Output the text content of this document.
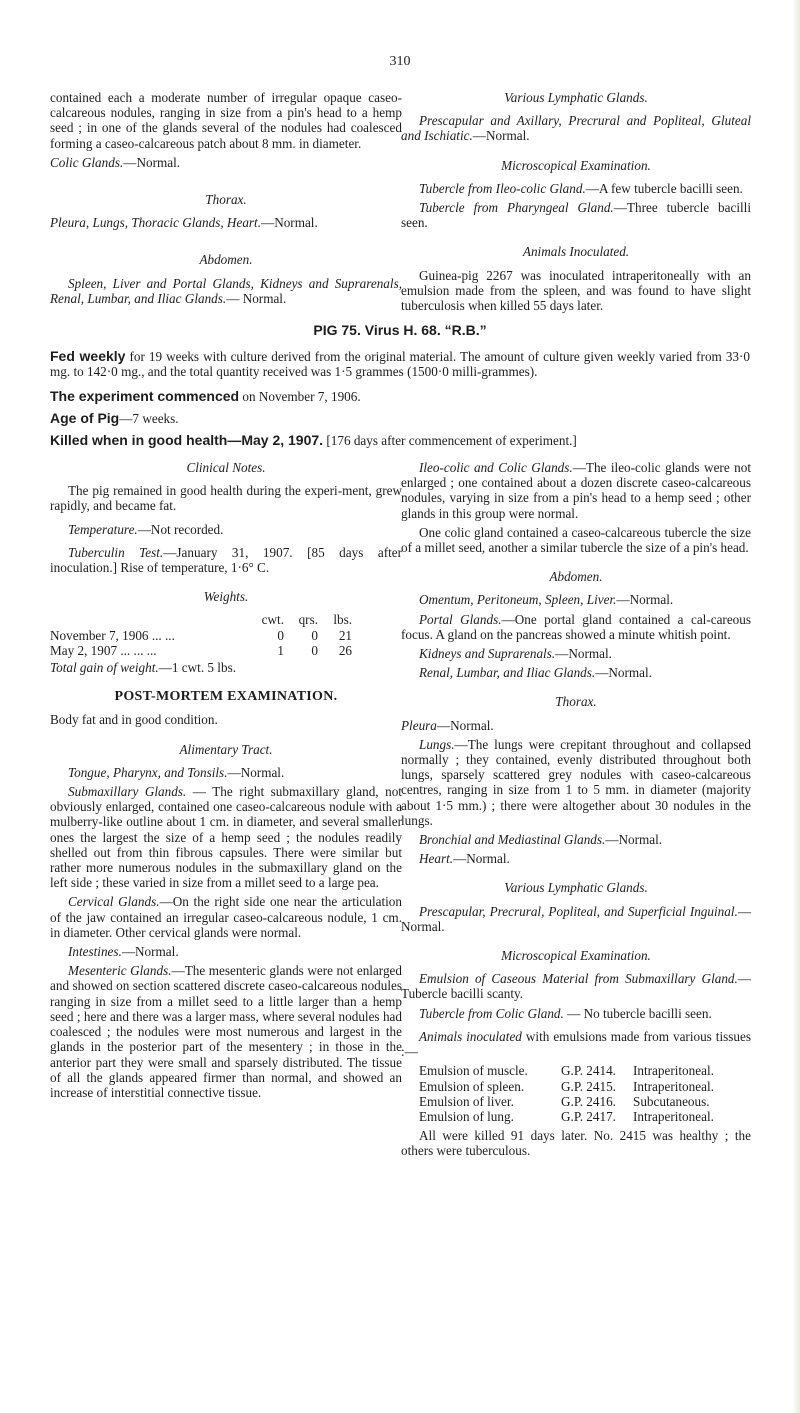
310

contained each a moderate number of irregular opaque caseo-calcareous nodules, ranging in size from a pin's head to a hemp seed ; in one of the glands several of the nodules had coalesced forming a caseo-calcareous patch about 8 mm. in diameter.

Colic Glands.—Normal.

Thorax.

Pleura, Lungs, Thoracic Glands, Heart.—Normal.

Abdomen.

Spleen, Liver and Portal Glands, Kidneys and Suprarenals, Renal, Lumbar, and Iliac Glands.— Normal.

Various Lymphatic Glands.

Prescapular and Axillary, Precrural and Popliteal, Gluteal and Ischiatic.—Normal.

Microscopical Examination.

Tubercle from Ileo-colic Gland.—A few tubercle bacilli seen.

Tubercle from Pharyngeal Gland.—Three tubercle bacilli seen.

Animals Inoculated.

Guinea-pig 2267 was inoculated intraperitoneally with an emulsion made from the spleen, and was found to have slight tuberculosis when killed 55 days later.

PIG 75. Virus H. 68. “R.B.”
Fed weekly for 19 weeks with culture derived from the original material. The amount of culture given weekly varied from 33·0 mg. to 142·0 mg., and the total quantity received was 1·5 grammes (1500·0 milli-grammes).
The experiment commenced on November 7, 1906.
Age of Pig—7 weeks.
Killed when in good health—May 2, 1907. [176 days after commencement of experiment.]
Clinical Notes.

The pig remained in good health during the experi-ment, grew rapidly, and became fat.

Temperature.—Not recorded.

Tuberculin Test.—January 31, 1907. [85 days after inoculation.] Rise of temperature, 1·6° C.

Weights.
	cwt.	qrs.	lbs.
November 7, 1906 ... ...	0	0	21
May 2, 1907 ... ... ...	1	0	26

Total gain of weight.—1 cwt. 5 lbs.

POST-MORTEM EXAMINATION.

Body fat and in good condition.

Alimentary Tract.

Tongue, Pharynx, and Tonsils.—Normal.

Submaxillary Glands. — The right submaxillary gland, not obviously enlarged, contained one caseo-calcareous nodule with a mulberry-like outline about 1 cm. in diameter, and several smaller ones the largest the size of a hemp seed ; the nodules readily shelled out from thin fibrous capsules. There were similar but rather more numerous nodules in the submaxillary gland on the left side ; these varied in size from a millet seed to a large pea.

Cervical Glands.—On the right side one near the articulation of the jaw contained an irregular caseo-calcareous nodule, 1 cm. in diameter. Other cervical glands were normal.

Intestines.—Normal.

Mesenteric Glands.—The mesenteric glands were not enlarged and showed on section scattered discrete caseo-calcareous nodules ranging in size from a millet seed to a little larger than a hemp seed ; here and there was a larger mass, where several nodules had coalesced ; the nodules were most numerous and largest in the glands in the posterior part of the mesentery ; in those in the anterior part they were small and sparsely distributed. The tissue of all the glands appeared firmer than normal, and showed an increase of interstitial connective tissue.

Ileo-colic and Colic Glands.—The ileo-colic glands were not enlarged ; one contained about a dozen discrete caseo-calcareous nodules, varying in size from a pin's head to a hemp seed ; other glands in this group were normal.

One colic gland contained a caseo-calcareous tubercle the size of a millet seed, another a similar tubercle the size of a pin's head.

Abdomen.

Omentum, Peritoneum, Spleen, Liver.—Normal.

Portal Glands.—One portal gland contained a cal-careous focus. A gland on the pancreas showed a minute whitish point.

Kidneys and Suprarenals.—Normal.

Renal, Lumbar, and Iliac Glands.—Normal.

Thorax.

Pleura—Normal.

Lungs.—The lungs were crepitant throughout and collapsed normally ; they contained, evenly distributed throughout both lungs, sparsely scattered grey nodules with caseo-calcareous centres, ranging in size from 1 to 5 mm. in diameter (majority about 1·5 mm.) ; there were altogether about 30 nodules in the lungs.

Bronchial and Mediastinal Glands.—Normal.

Heart.—Normal.

Various Lymphatic Glands.

Prescapular, Precrural, Popliteal, and Superficial Inguinal.—Normal.

Microscopical Examination.

Emulsion of Caseous Material from Submaxillary Gland.—Tubercle bacilli scanty.

Tubercle from Colic Gland. — No tubercle bacilli seen.

Animals inoculated with emulsions made from various tissues :—

Emulsion of muscle.	G.P. 2414. Intraperitoneal.
Emulsion of spleen.	G.P. 2415. Intraperitoneal.
Emulsion of liver.	G.P. 2416. Subcutaneous.
Emulsion of lung.	G.P. 2417. Intraperitoneal.

All were killed 91 days later. No. 2415 was healthy ; the others were tuberculous.
